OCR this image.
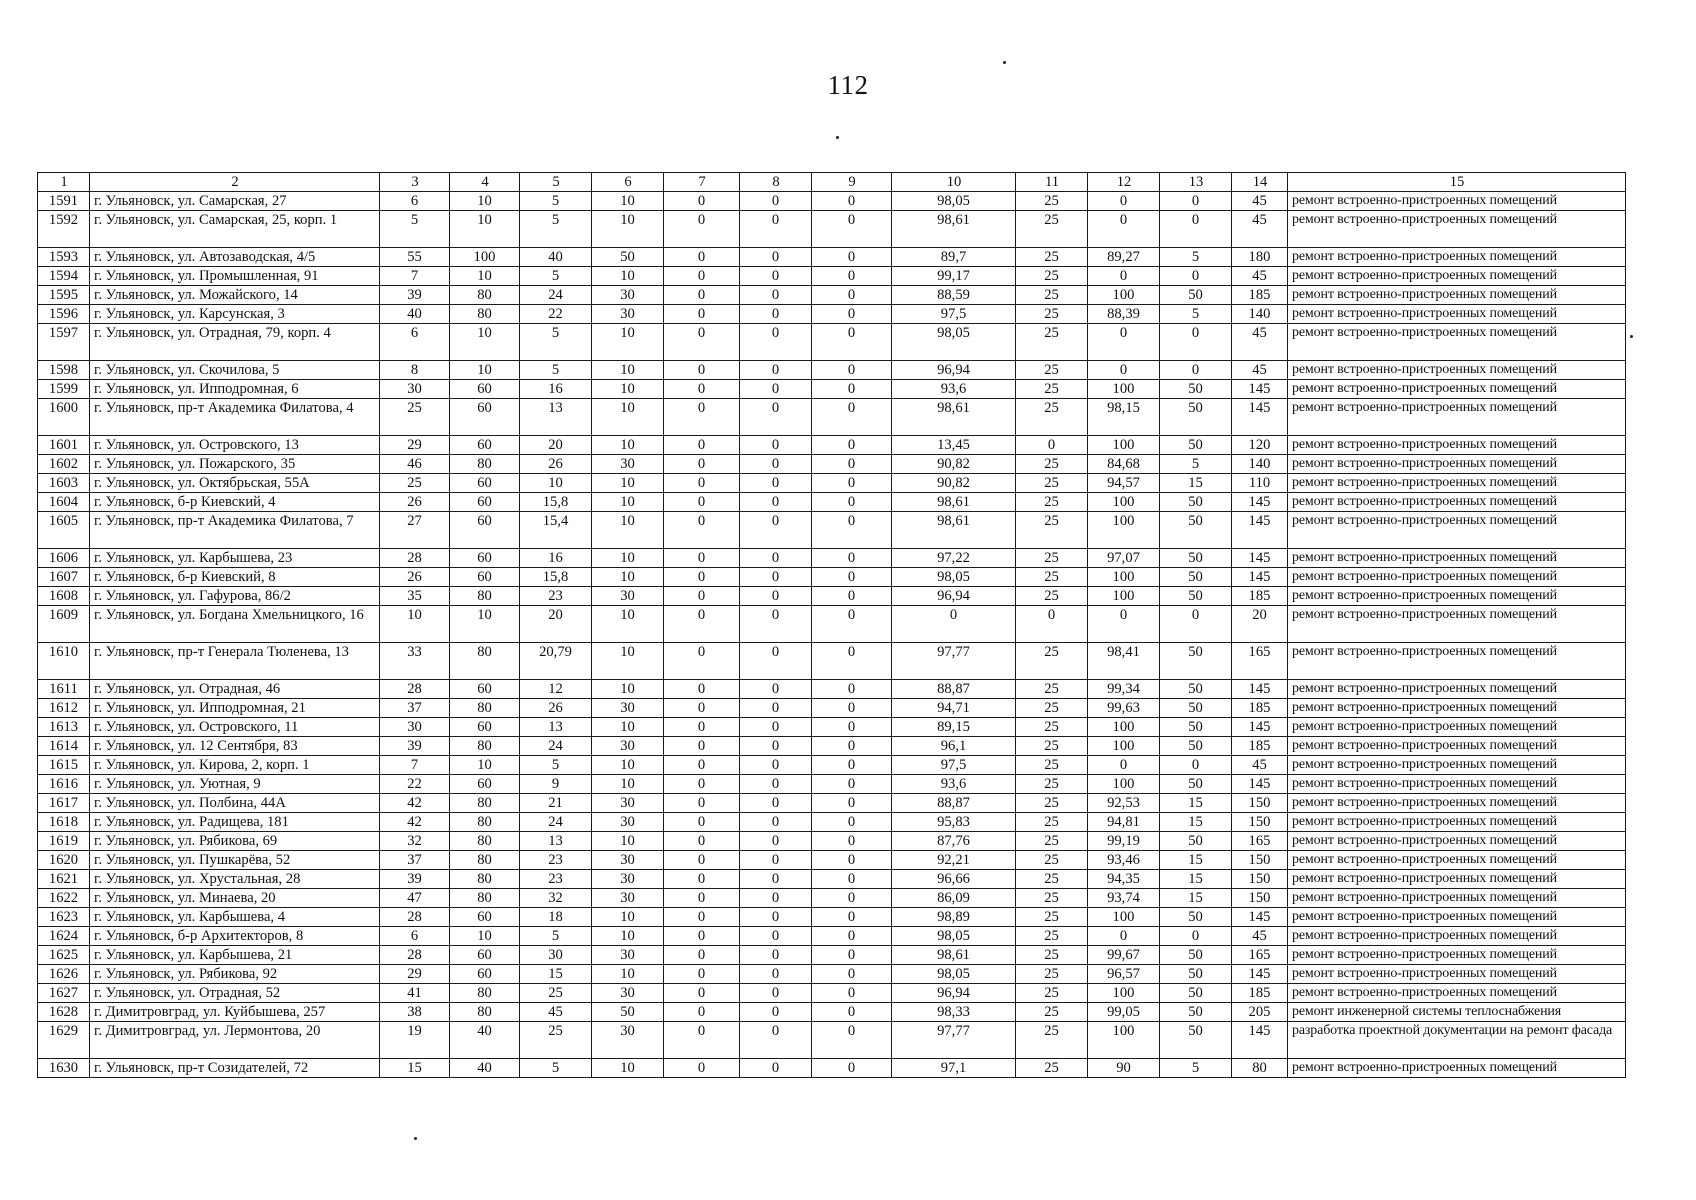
112
1	2	3	4	5	6	7	8	9	10	11	12	13	14	15
1591	г. Ульяновск, ул. Самарская, 27	6	10	5	10	0	0	0	98,05	25	0	0	45	ремонт встроенно-пристроенных помещений
1592	г. Ульяновск, ул. Самарская, 25, корп. 1	5	10	5	10	0	0	0	98,61	25	0	0	45	ремонт встроенно-пристроенных помещений
1593	г. Ульяновск, ул. Автозаводская, 4/5	55	100	40	50	0	0	0	89,7	25	89,27	5	180	ремонт встроенно-пристроенных помещений
1594	г. Ульяновск, ул. Промышленная, 91	7	10	5	10	0	0	0	99,17	25	0	0	45	ремонт встроенно-пристроенных помещений
1595	г. Ульяновск, ул. Можайского, 14	39	80	24	30	0	0	0	88,59	25	100	50	185	ремонт встроенно-пристроенных помещений
1596	г. Ульяновск, ул. Карсунская, 3	40	80	22	30	0	0	0	97,5	25	88,39	5	140	ремонт встроенно-пристроенных помещений
1597	г. Ульяновск, ул. Отрадная, 79, корп. 4	6	10	5	10	0	0	0	98,05	25	0	0	45	ремонт встроенно-пристроенных помещений
1598	г. Ульяновск, ул. Скочилова, 5	8	10	5	10	0	0	0	96,94	25	0	0	45	ремонт встроенно-пристроенных помещений
1599	г. Ульяновск, ул. Ипподромная, 6	30	60	16	10	0	0	0	93,6	25	100	50	145	ремонт встроенно-пристроенных помещений
1600	г. Ульяновск, пр-т Академика Филатова, 4	25	60	13	10	0	0	0	98,61	25	98,15	50	145	ремонт встроенно-пристроенных помещений
1601	г. Ульяновск, ул. Островского, 13	29	60	20	10	0	0	0	13,45	0	100	50	120	ремонт встроенно-пристроенных помещений
1602	г. Ульяновск, ул. Пожарского, 35	46	80	26	30	0	0	0	90,82	25	84,68	5	140	ремонт встроенно-пристроенных помещений
1603	г. Ульяновск, ул. Октябрьская, 55А	25	60	10	10	0	0	0	90,82	25	94,57	15	110	ремонт встроенно-пристроенных помещений
1604	г. Ульяновск, б-р Киевский, 4	26	60	15,8	10	0	0	0	98,61	25	100	50	145	ремонт встроенно-пристроенных помещений
1605	г. Ульяновск, пр-т Академика Филатова, 7	27	60	15,4	10	0	0	0	98,61	25	100	50	145	ремонт встроенно-пристроенных помещений
1606	г. Ульяновск, ул. Карбышева, 23	28	60	16	10	0	0	0	97,22	25	97,07	50	145	ремонт встроенно-пристроенных помещений
1607	г. Ульяновск, б-р Киевский, 8	26	60	15,8	10	0	0	0	98,05	25	100	50	145	ремонт встроенно-пристроенных помещений
1608	г. Ульяновск, ул. Гафурова, 86/2	35	80	23	30	0	0	0	96,94	25	100	50	185	ремонт встроенно-пристроенных помещений
1609	г. Ульяновск, ул. Богдана Хмельницкого, 16	10	10	20	10	0	0	0	0	0	0	0	20	ремонт встроенно-пристроенных помещений
1610	г. Ульяновск, пр-т Генерала Тюленева, 13	33	80	20,79	10	0	0	0	97,77	25	98,41	50	165	ремонт встроенно-пристроенных помещений
1611	г. Ульяновск, ул. Отрадная, 46	28	60	12	10	0	0	0	88,87	25	99,34	50	145	ремонт встроенно-пристроенных помещений
1612	г. Ульяновск, ул. Ипподромная, 21	37	80	26	30	0	0	0	94,71	25	99,63	50	185	ремонт встроенно-пристроенных помещений
1613	г. Ульяновск, ул. Островского, 11	30	60	13	10	0	0	0	89,15	25	100	50	145	ремонт встроенно-пристроенных помещений
1614	г. Ульяновск, ул. 12 Сентября, 83	39	80	24	30	0	0	0	96,1	25	100	50	185	ремонт встроенно-пристроенных помещений
1615	г. Ульяновск, ул. Кирова, 2, корп. 1	7	10	5	10	0	0	0	97,5	25	0	0	45	ремонт встроенно-пристроенных помещений
1616	г. Ульяновск, ул. Уютная, 9	22	60	9	10	0	0	0	93,6	25	100	50	145	ремонт встроенно-пристроенных помещений
1617	г. Ульяновск, ул. Полбина, 44А	42	80	21	30	0	0	0	88,87	25	92,53	15	150	ремонт встроенно-пристроенных помещений
1618	г. Ульяновск, ул. Радищева, 181	42	80	24	30	0	0	0	95,83	25	94,81	15	150	ремонт встроенно-пристроенных помещений
1619	г. Ульяновск, ул. Рябикова, 69	32	80	13	10	0	0	0	87,76	25	99,19	50	165	ремонт встроенно-пристроенных помещений
1620	г. Ульяновск, ул. Пушкарёва, 52	37	80	23	30	0	0	0	92,21	25	93,46	15	150	ремонт встроенно-пристроенных помещений
1621	г. Ульяновск, ул. Хрустальная, 28	39	80	23	30	0	0	0	96,66	25	94,35	15	150	ремонт встроенно-пристроенных помещений
1622	г. Ульяновск, ул. Минаева, 20	47	80	32	30	0	0	0	86,09	25	93,74	15	150	ремонт встроенно-пристроенных помещений
1623	г. Ульяновск, ул. Карбышева, 4	28	60	18	10	0	0	0	98,89	25	100	50	145	ремонт встроенно-пристроенных помещений
1624	г. Ульяновск, б-р Архитекторов, 8	6	10	5	10	0	0	0	98,05	25	0	0	45	ремонт встроенно-пристроенных помещений
1625	г. Ульяновск, ул. Карбышева, 21	28	60	30	30	0	0	0	98,61	25	99,67	50	165	ремонт встроенно-пристроенных помещений
1626	г. Ульяновск, ул. Рябикова, 92	29	60	15	10	0	0	0	98,05	25	96,57	50	145	ремонт встроенно-пристроенных помещений
1627	г. Ульяновск, ул. Отрадная, 52	41	80	25	30	0	0	0	96,94	25	100	50	185	ремонт встроенно-пристроенных помещений
1628	г. Димитровград, ул. Куйбышева, 257	38	80	45	50	0	0	0	98,33	25	99,05	50	205	ремонт инженерной системы теплоснабжения
1629	г. Димитровград, ул. Лермонтова, 20	19	40	25	30	0	0	0	97,77	25	100	50	145	разработка проектной документации на ремонт фасада
1630	г. Ульяновск, пр-т Созидателей, 72	15	40	5	10	0	0	0	97,1	25	90	5	80	ремонт встроенно-пристроенных помещений
